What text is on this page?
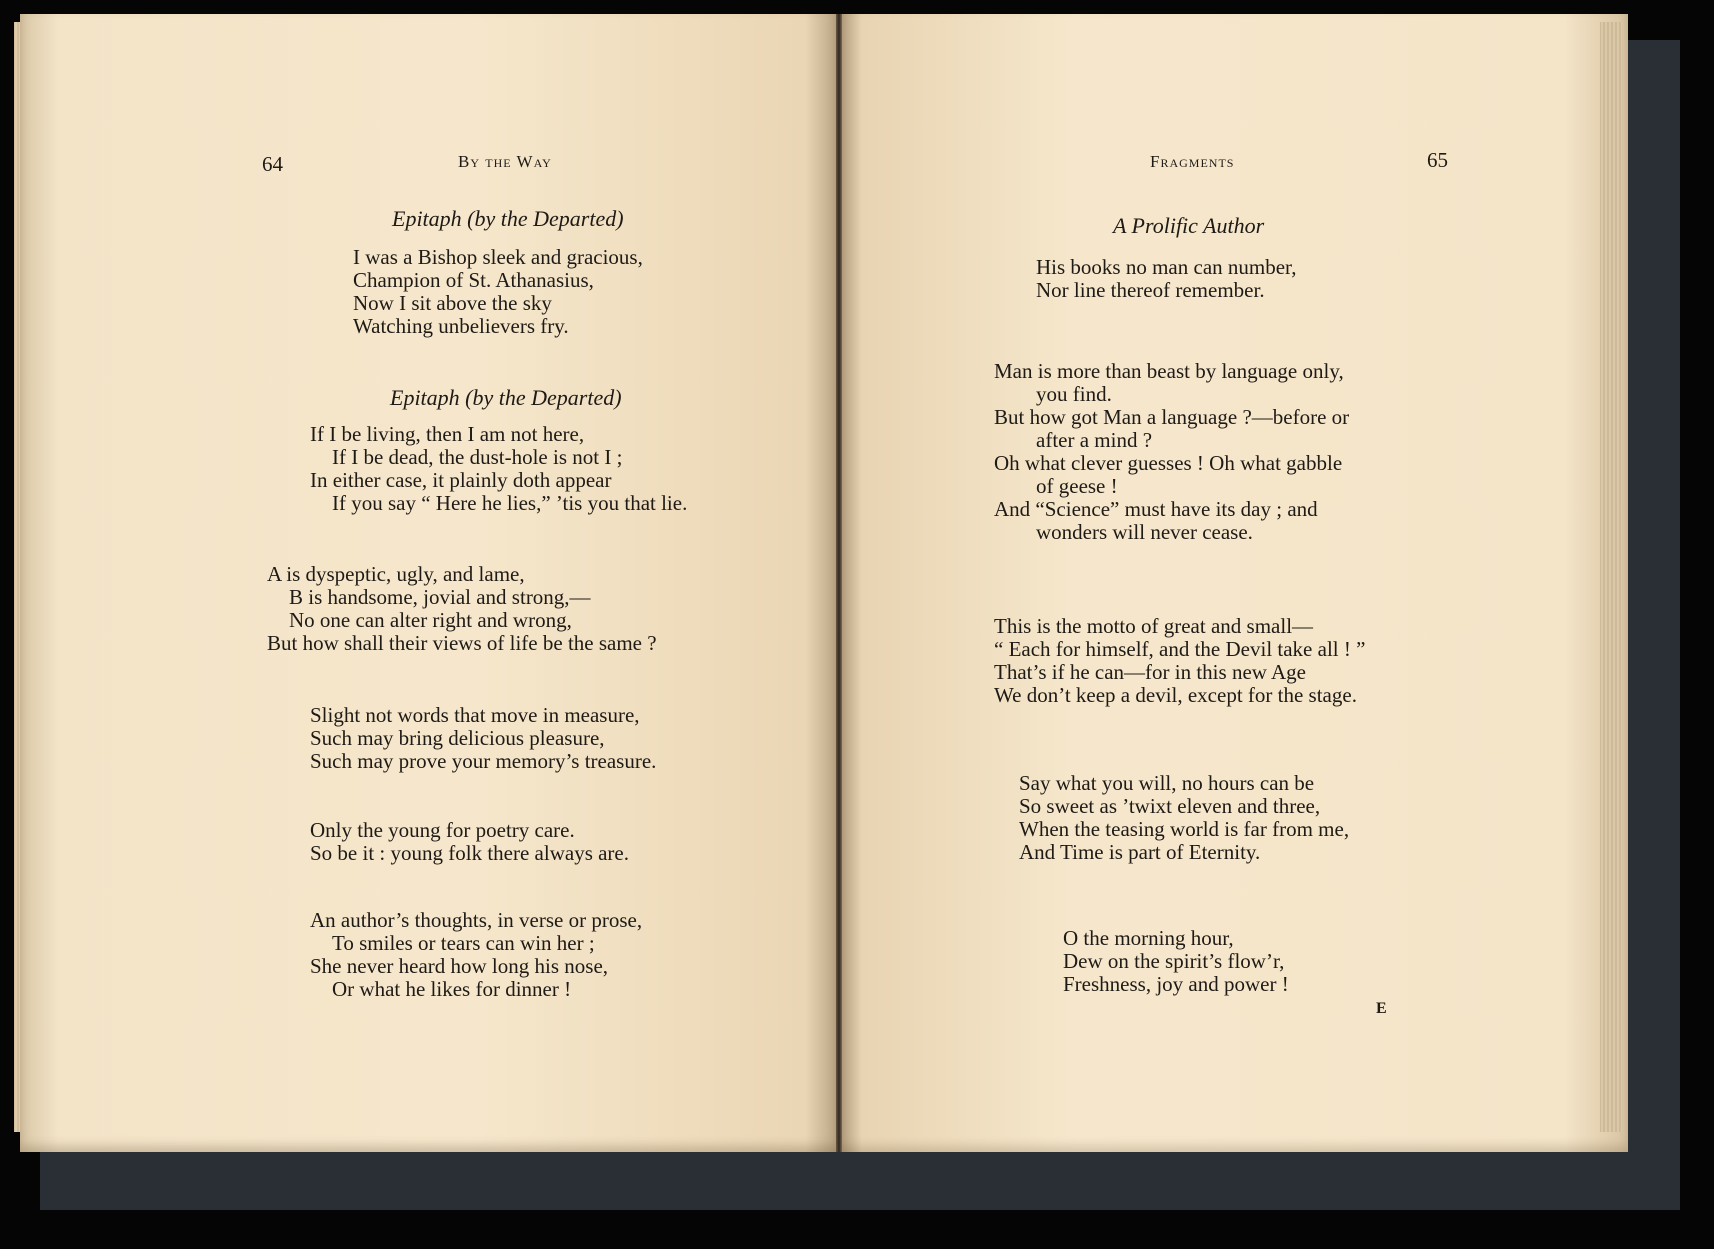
64	By the Way
Epitaph (by the Departed)
I was a Bishop sleek and gracious,
Champion of St. Athanasius,
Now I sit above the sky
Watching unbelievers fry.
Epitaph (by the Departed)
If I be living, then I am not here,
If I be dead, the dust-hole is not I ;
In either case, it plainly doth appear
If you say “ Here he lies,” ’tis you that lie.
A is dyspeptic, ugly, and lame,
B is handsome, jovial and strong,—
No one can alter right and wrong,
But how shall their views of life be the same ?
Slight not words that move in measure,
Such may bring delicious pleasure,
Such may prove your memory’s treasure.
Only the young for poetry care.
So be it : young folk there always are.
An author’s thoughts, in verse or prose,
To smiles or tears can win her ;
She never heard how long his nose,
Or what he likes for dinner !
Fragments	65
A Prolific Author
His books no man can number,
Nor line thereof remember.
Man is more than beast by language only,
you find.
But how got Man a language ?—before or
after a mind ?
Oh what clever guesses ! Oh what gabble
of geese !
And “Science” must have its day ; and
wonders will never cease.
This is the motto of great and small—
“ Each for himself, and the Devil take all ! ”
That’s if he can—for in this new Age
We don’t keep a devil, except for the stage.
Say what you will, no hours can be
So sweet as ’twixt eleven and three,
When the teasing world is far from me,
And Time is part of Eternity.
O the morning hour,
Dew on the spirit’s flow’r,
Freshness, joy and power !
E
